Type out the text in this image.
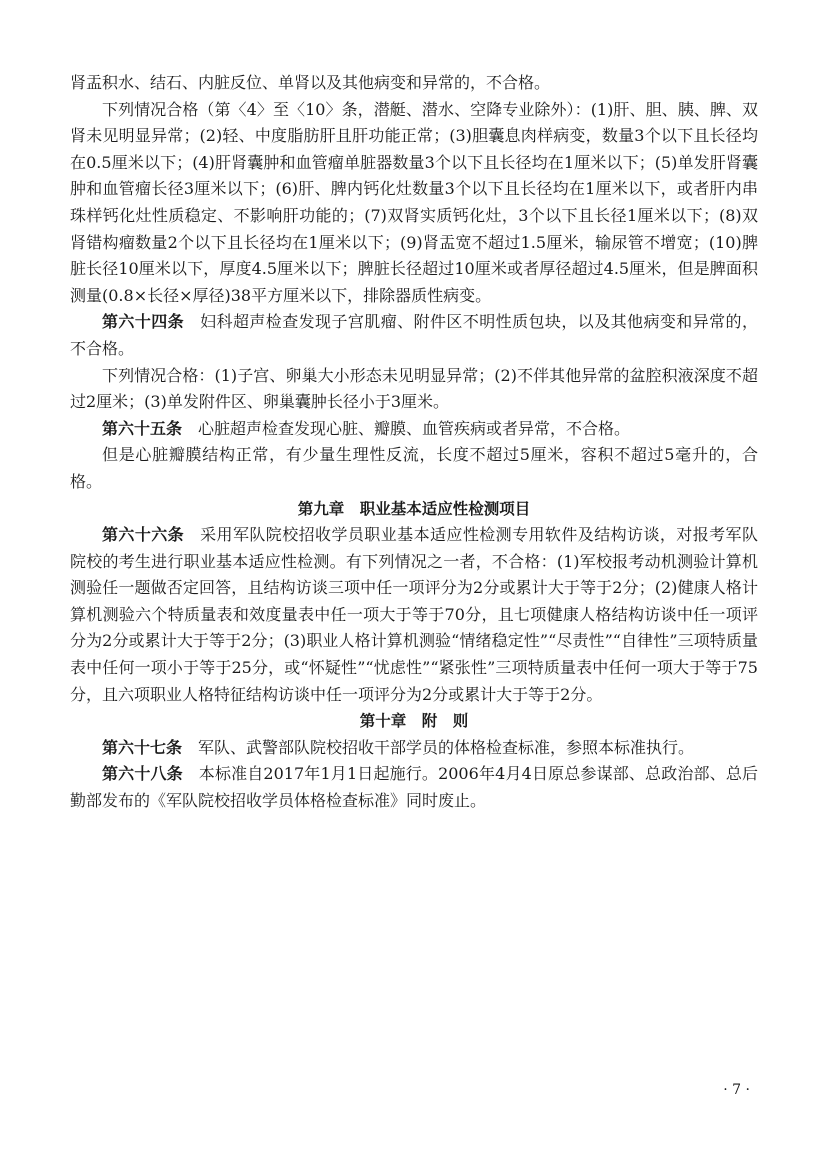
肾盂积水、结石、内脏反位、单肾以及其他病变和异常的，不合格。

下列情况合格（第〈4〉至〈10〉条，潜艇、潜水、空降专业除外）：(1)肝、胆、胰、脾、双肾未见明显异常；(2)轻、中度脂肪肝且肝功能正常；(3)胆囊息肉样病变，数量3个以下且长径均在0.5厘米以下；(4)肝肾囊肿和血管瘤单脏器数量3个以下且长径均在1厘米以下；(5)单发肝肾囊肿和血管瘤长径3厘米以下；(6)肝、脾内钙化灶数量3个以下且长径均在1厘米以下，或者肝内串珠样钙化灶性质稳定、不影响肝功能的；(7)双肾实质钙化灶，3个以下且长径1厘米以下；(8)双肾错构瘤数量2个以下且长径均在1厘米以下；(9)肾盂宽不超过1.5厘米，输尿管不增宽；(10)脾脏长径10厘米以下，厚度4.5厘米以下；脾脏长径超过10厘米或者厚径超过4.5厘米，但是脾面积测量(0.8×长径×厚径)38平方厘米以下，排除器质性病变。

第六十四条 妇科超声检查发现子宫肌瘤、附件区不明性质包块，以及其他病变和异常的，不合格。

下列情况合格：(1)子宫、卵巢大小形态未见明显异常；(2)不伴其他异常的盆腔积液深度不超过2厘米；(3)单发附件区、卵巢囊肿长径小于3厘米。

第六十五条 心脏超声检查发现心脏、瓣膜、血管疾病或者异常，不合格。

但是心脏瓣膜结构正常，有少量生理性反流，长度不超过5厘米，容积不超过5毫升的，合格。

第九章　职业基本适应性检测项目

第六十六条 采用军队院校招收学员职业基本适应性检测专用软件及结构访谈，对报考军队院校的考生进行职业基本适应性检测。有下列情况之一者，不合格：(1)军校报考动机测验计算机测验任一题做否定回答，且结构访谈三项中任一项评分为2分或累计大于等于2分；(2)健康人格计算机测验六个特质量表和效度量表中任一项大于等于70分，且七项健康人格结构访谈中任一项评分为2分或累计大于等于2分；(3)职业人格计算机测验“情绪稳定性”“尽责性”“自律性”三项特质量表中任何一项小于等于25分，或“怀疑性”“忧虑性”“紧张性”三项特质量表中任何一项大于等于75分，且六项职业人格特征结构访谈中任一项评分为2分或累计大于等于2分。

第十章　附　则

第六十七条 军队、武警部队院校招收干部学员的体格检查标准，参照本标准执行。

第六十八条 本标准自2017年1月1日起施行。2006年4月4日原总参谋部、总政治部、总后勤部发布的《军队院校招收学员体格检查标准》同时废止。

· 7 ·
